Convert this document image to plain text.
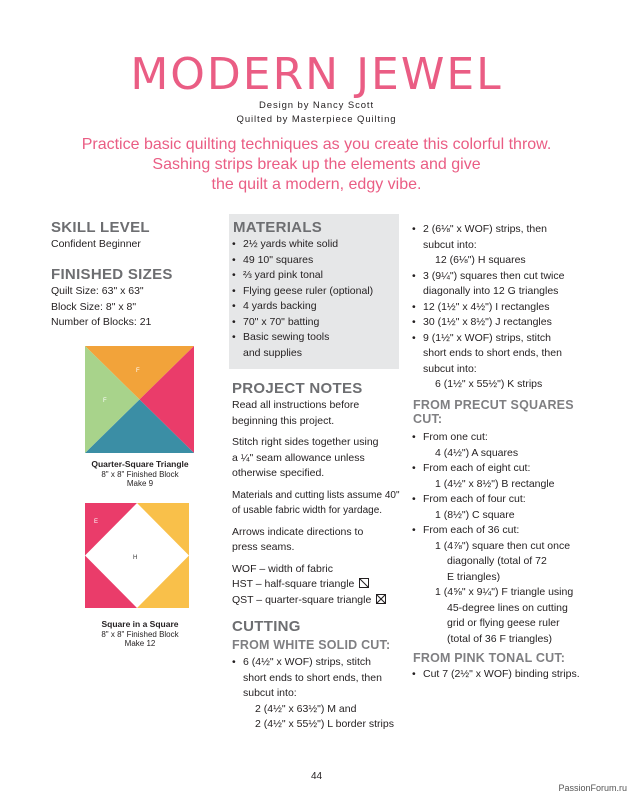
MODERN JEWEL
Design by Nancy Scott
Quilted by Masterpiece Quilting
Practice basic quilting techniques as you create this colorful throw.
Sashing strips break up the elements and give
the quilt a modern, edgy vibe.
SKILL LEVEL
Confident Beginner
FINISHED SIZES
Quilt Size: 63" x 63"
Block Size: 8" x 8"
Number of Blocks: 21
F
F
Quarter-Square Triangle
8" x 8" Finished Block
Make 9
E
H
Square in a Square
8" x 8" Finished Block
Make 12
MATERIALS
• 2½ yards white solid
• 49 10" squares
• ⅔ yard pink tonal
• Flying geese ruler (optional)
• 4 yards backing
• 70" x 70" batting
• Basic sewing tools
and supplies
PROJECT NOTES
Read all instructions before
beginning this project.
Stitch right sides together using
a ¼" seam allowance unless
otherwise specified.
Materials and cutting lists assume 40"
of usable fabric width for yardage.
Arrows indicate directions to
press seams.
WOF – width of fabric
HST – half-square triangle
QST – quarter-square triangle
CUTTING
FROM WHITE SOLID CUT:
• 6 (4½" x WOF) strips, stitch
short ends to short ends, then
subcut into:
2 (4½" x 63½") M and
2 (4½" x 55½") L border strips
• 2 (6⅛" x WOF) strips, then
subcut into:
12 (6⅛") H squares
• 3 (9¼") squares then cut twice
diagonally into 12 G triangles
• 12 (1½" x 4½") I rectangles
• 30 (1½" x 8½") J rectangles
• 9 (1½" x WOF) strips, stitch
short ends to short ends, then
subcut into:
6 (1½" x 55½") K strips
FROM PRECUT SQUARES
CUT:
• From one cut:
4 (4½") A squares
• From each of eight cut:
1 (4½" x 8½") B rectangle
• From each of four cut:
1 (8½") C square
• From each of 36 cut:
1 (4⅞") square then cut once
diagonally (total of 72
E triangles)
1 (4⅝" x 9¼") F triangle using
45-degree lines on cutting
grid or flying geese ruler
(total of 36 F triangles)
FROM PINK TONAL CUT:
• Cut 7 (2½" x WOF) binding strips.
44
PassionForum.ru
